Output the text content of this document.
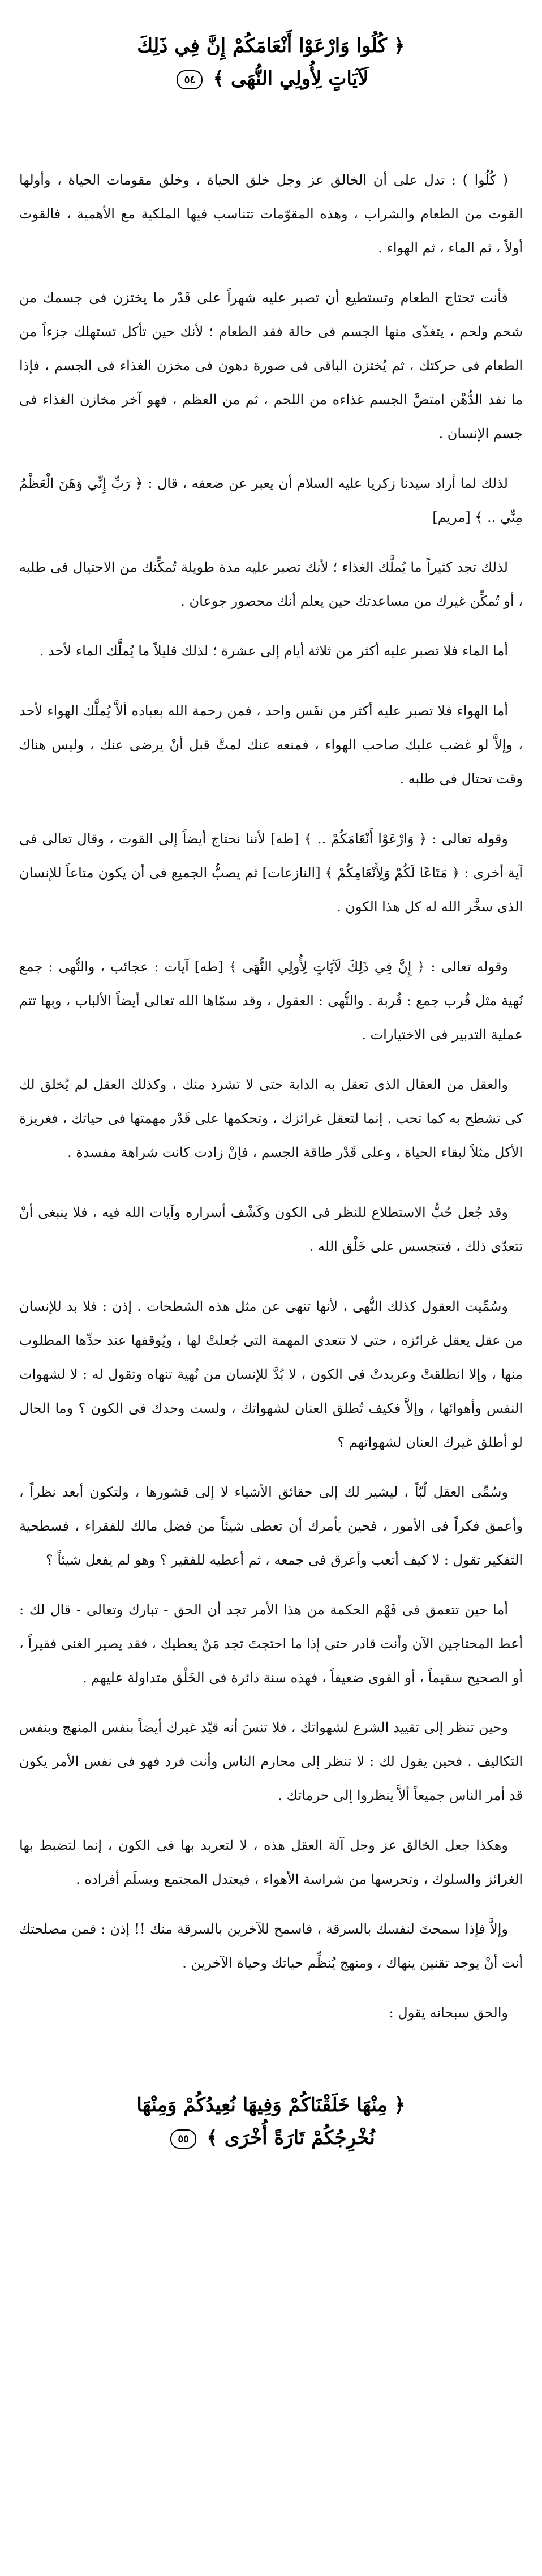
﴿ كُلُوا وَارْعَوْا أَنْعَامَكُمْ إِنَّ فِي ذَلِكَ
لَآيَاتٍ لِأُولِي النُّهَى ﴾ ٥٤

( كُلُوا ) : تدل على أن الخالق عز وجل خلق الحياة ، وخلق مقومات الحياة ، وأولها القوت من الطعام والشراب ، وهذه المقوّمات تتناسب فيها الملكية مع الأهمية ، فالقوت أولاً ، ثم الماء ، ثم الهواء .

فأنت تحتاج الطعام وتستطيع أن تصبر عليه شهراً على قَدْر ما يختزن فى جسمك من شحم ولحم ، يتغذّى منها الجسم فى حالة فقد الطعام ؛ لأنك حين تأكل تستهلك جزءاً من الطعام فى حركتك ، ثم يُختزن الباقى فى صورة دهون فى مخزن الغذاء فى الجسم ، فإذا ما نفد الدُّهْن امتصَّ الجسم غذاءه من اللحم ، ثم من العظم ، فهو آخر مخازن الغذاء فى جسم الإنسان .

لذلك لما أراد سيدنا زكريا عليه السلام أن يعبر عن ضعفه ، قال : ﴿ رَبِّ إِنِّي وَهَنَ الْعَظْمُ مِنِّي .. ﴾ [مريم]

لذلك تجد كثيراً ما يُملَّك الغذاء ؛ لأنك تصبر عليه مدة طويلة تُمكِّنك من الاحتيال فى طلبه ، أو تُمكِّن غيرك من مساعدتك حين يعلم أنك محصور جوعان .

أما الماء فلا تصبر عليه أكثر من ثلاثة أيام إلى عشرة ؛ لذلك قليلاً ما يُملَّك الماء لأحد .

أما الهواء فلا تصبر عليه أكثر من نفَس واحد ، فمن رحمة الله بعباده ألاَّ يُملَّك الهواء لأحد ، وإلاَّ لو غضب عليك صاحب الهواء ، فمنعه عنك لمتَّ قبل أنْ يرضى عنك ، وليس هناك وقت تحتال فى طلبه .

وقوله تعالى : ﴿ وَارْعَوْا أَنْعَامَكُمْ .. ﴾ [طه] لأننا نحتاج أيضاً إلى القوت ، وقال تعالى فى آية أخرى : ﴿ مَتَاعًا لَكُمْ وَلِأَنْعَامِكُمْ ﴾ [النازعات] ثم يصبُّ الجميع فى أن يكون متاعاً للإنسان الذى سخَّر الله له كل هذا الكون .

وقوله تعالى : ﴿ إِنَّ فِي ذَلِكَ لَآيَاتٍ لِأُولِي النُّهَى ﴾ [طه] آيات : عجائب ، والنُّهى : جمع نُهية مثل قُرب جمع : قُربة . والنُّهى : العقول ، وقد سمّاها الله تعالى أيضاً الألباب ، وبها تتم عملية التدبير فى الاختيارات .

والعقل من العقال الذى تعقل به الدابة حتى لا تشرد منك ، وكذلك العقل لم يُخلق لك كى تشطح به كما تحب . إنما لتعقل غرائزك ، وتحكمها على قَدْر مهمتها فى حياتك ، فغريزة الأكل مثلاً لبقاء الحياة ، وعلى قَدْر طاقة الجسم ، فإنْ زادت كانت شراهة مفسدة .

وقد جُعل حُبُّ الاستطلاع للنظر فى الكون وكَشْف أسراره وآيات الله فيه ، فلا ينبغى أنْ تتعدّى ذلك ، فتتجسس على خَلْق الله .

وسُمِّيت العقول كذلك النُّهى ، لأنها تنهى عن مثل هذه الشطحات . إذن : فلا بد للإنسان من عقل يعقل غرائزه ، حتى لا تتعدى المهمة التى جُعلتْ لها ، ويُوقفها عند حدِّها المطلوب منها ، وإلا انطلقتْ وعربدتْ فى الكون ، لا بُدَّ للإنسان من نُهية تنهاه وتقول له : لا لشهوات النفس وأهوائها ، وإلاَّ فكيف تُطلق العنان لشهواتك ، ولست وحدك فى الكون ؟ وما الحال لو أطلق غيرك العنان لشهواتهم ؟

وسُمِّى العقل لُبّاً ، ليشير لك إلى حقائق الأشياء لا إلى قشورها ، ولتكون أبعد نظراً ، وأعمق فكراً فى الأمور ، فحين يأمرك أن تعطى شيئاً من فضل مالك للفقراء ، فسطحية التفكير تقول : لا كيف أتعب وأعرق فى جمعه ، ثم أعطيه للفقير ؟ وهو لم يفعل شيئاً ؟

أما حين تتعمق فى فَهْم الحكمة من هذا الأمر تجد أن الحق - تبارك وتعالى - قال لك : أعط المحتاجين الآن وأنت قادر حتى إذا ما احتجتَ تجد مَنْ يعطيك ، فقد يصير الغنى فقيراً ، أو الصحيح سقيماً ، أو القوى ضعيفاً ، فهذه سنة دائرة فى الخَلْق متداولة عليهم .

وحين تنظر إلى تقييد الشرع لشهواتك ، فلا تنسَ أنه قيّد غيرك أيضاً بنفس المنهج وبنفس التكاليف . فحين يقول لك : لا تنظر إلى محارم الناس وأنت فرد فهو فى نفس الأمر يكون قد أمر الناس جميعاً ألاَّ ينظروا إلى حرماتك .

وهكذا جعل الخالق عز وجل آلة العقل هذه ، لا لتعربد بها فى الكون ، إنما لتضبط بها الغرائز والسلوك ، وتحرسها من شراسة الأهواء ، فيعتدل المجتمع ويسلَم أفراده .

وإلاَّ فإذا سمحتَ لنفسك بالسرقة ، فاسمح للآخرين بالسرقة منك !! إذن : فمن مصلحتك أنت أنْ يوجد تقنين ينهاك ، ومنهج يُنظِّم حياتك وحياة الآخرين .

والحق سبحانه يقول :

﴿ مِنْهَا خَلَقْنَاكُمْ وَفِيهَا نُعِيدُكُمْ وَمِنْهَا
نُخْرِجُكُمْ تَارَةً أُخْرَى ﴾ ٥٥
